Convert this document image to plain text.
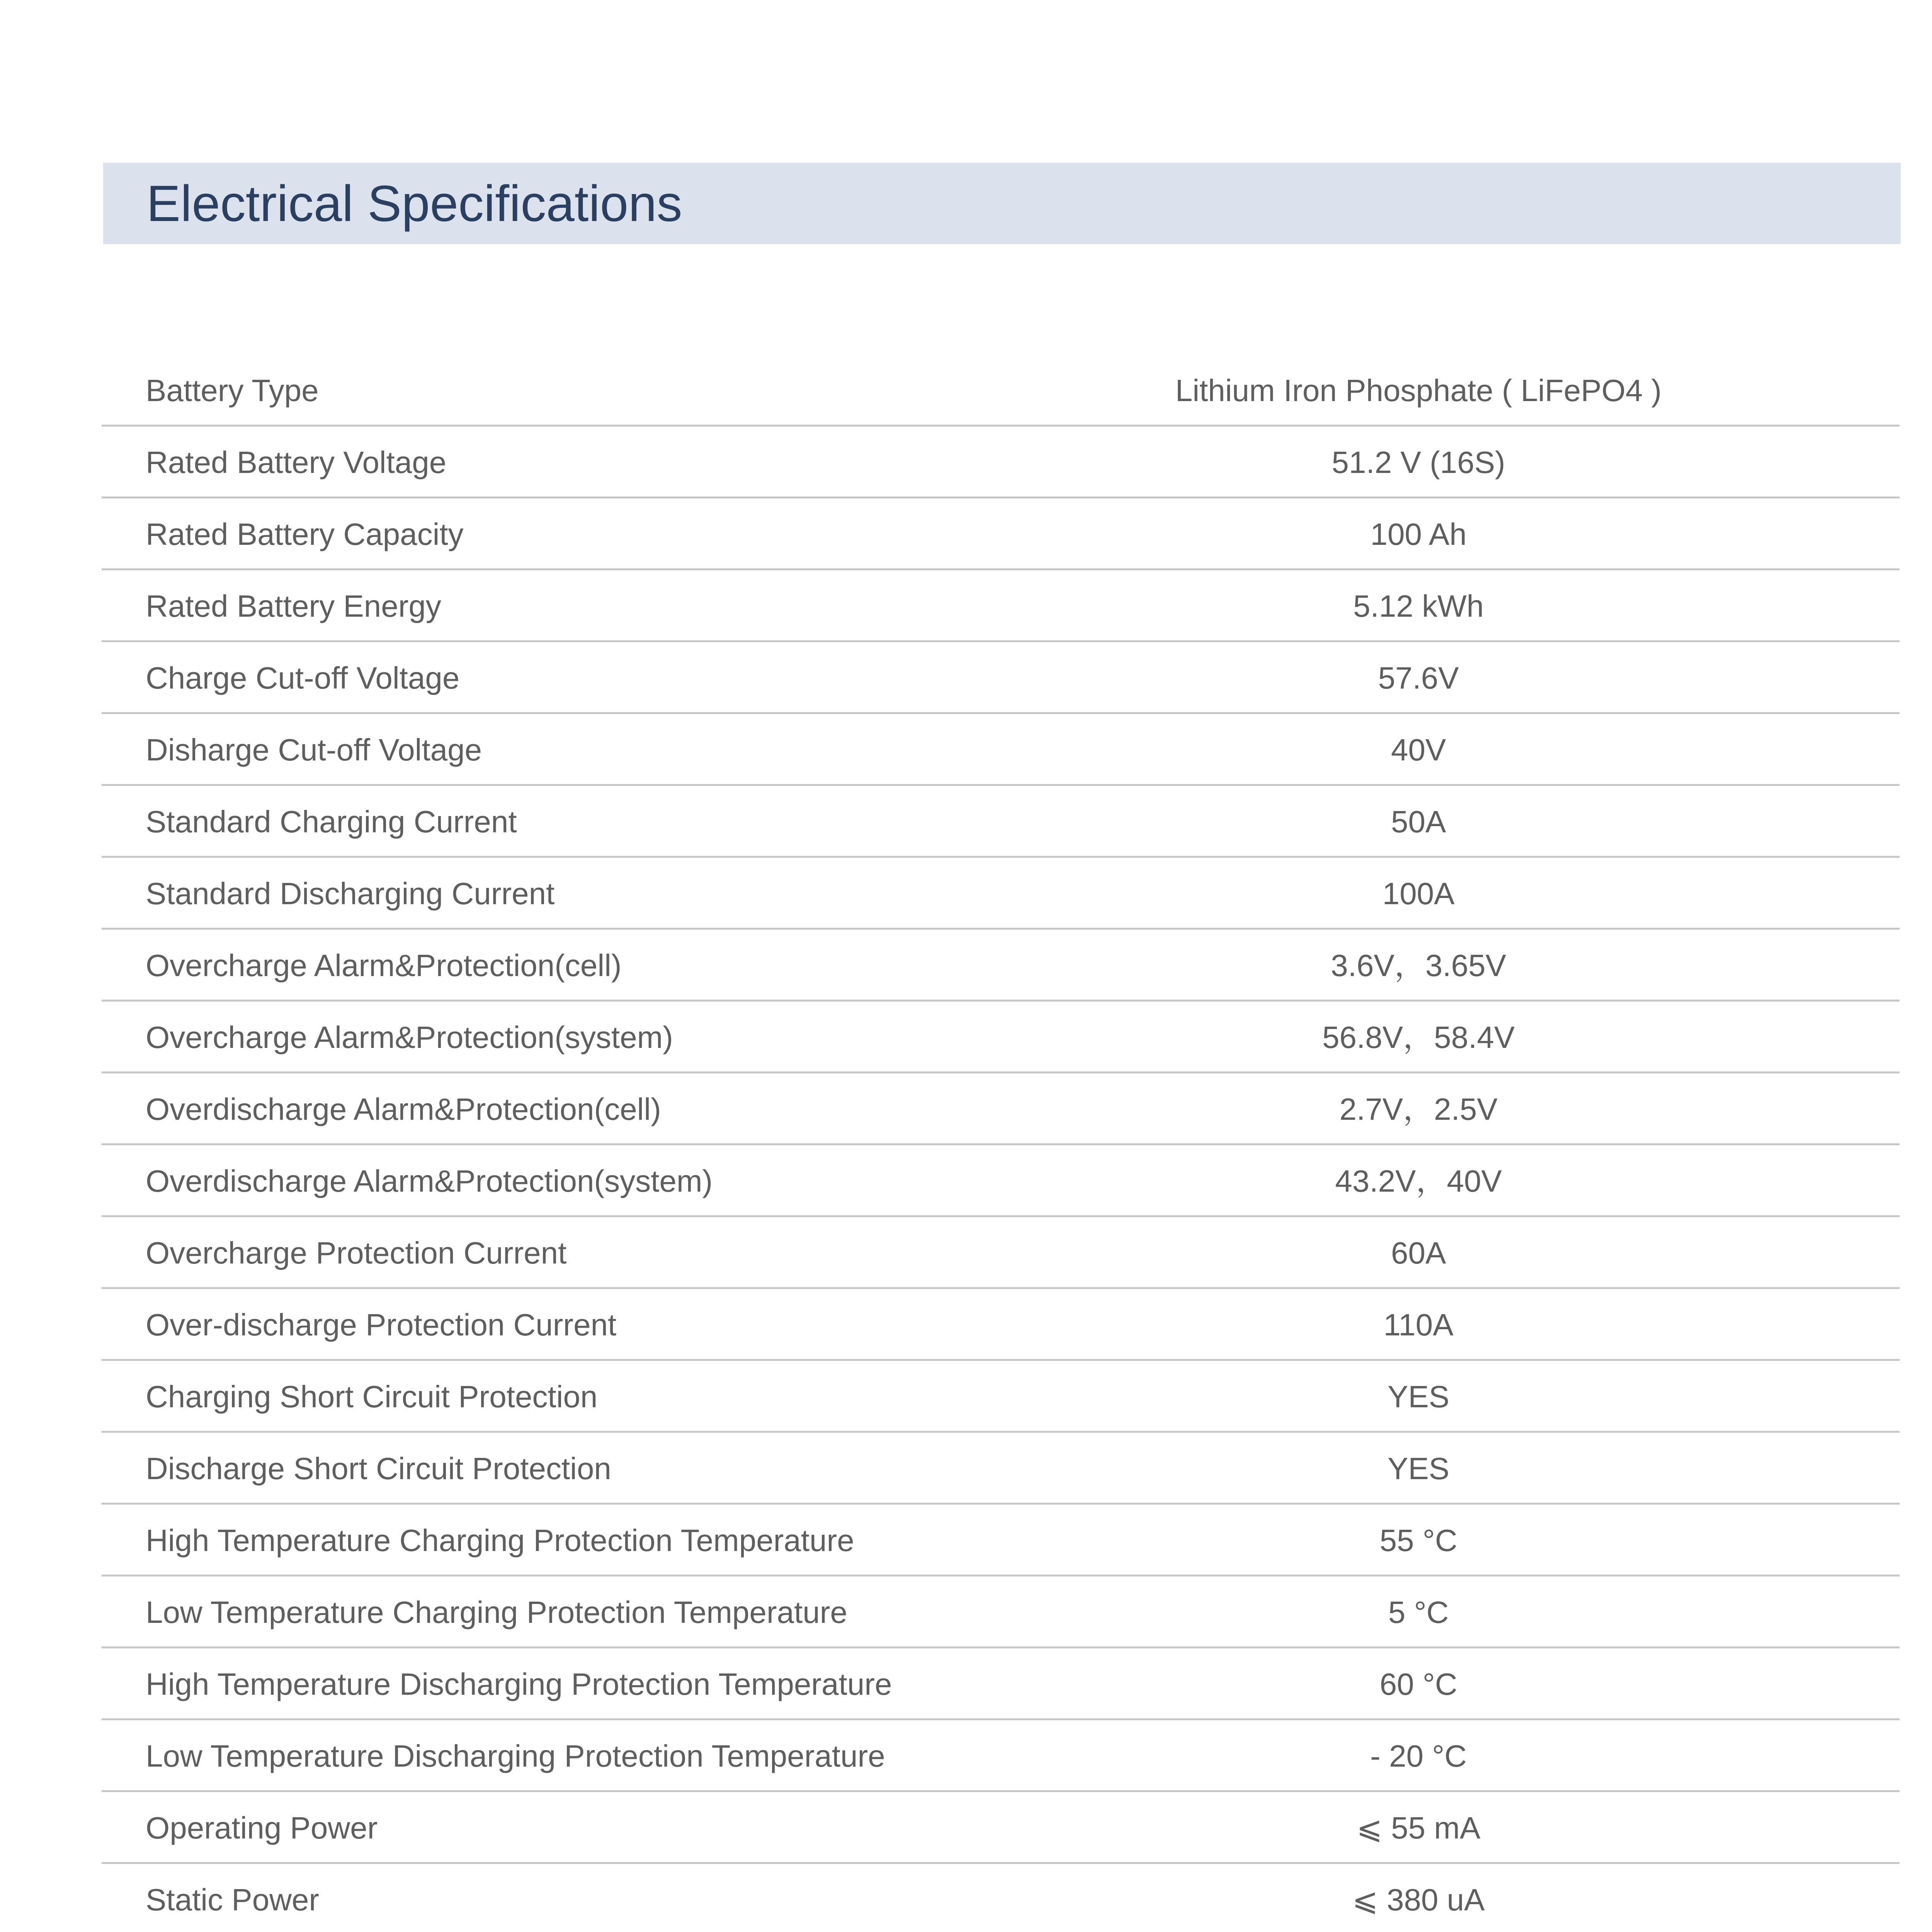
Electrical Specifications
Battery Type	Lithium Iron Phosphate ( LiFePO4 )
Rated Battery Voltage	51.2 V (16S)
Rated Battery Capacity	100 Ah
Rated Battery Energy	5.12 kWh
Charge Cut-off Voltage	57.6V
Disharge Cut-off Voltage	40V
Standard Charging Current	50A
Standard Discharging Current	100A
Overcharge Alarm&Protection(cell)	3.6V，3.65V
Overcharge Alarm&Protection(system)	56.8V，58.4V
Overdischarge Alarm&Protection(cell)	2.7V，2.5V
Overdischarge Alarm&Protection(system)	43.2V，40V
Overcharge Protection Current	60A
Over-discharge Protection Current	110A
Charging Short Circuit Protection	YES
Discharge Short Circuit Protection	YES
High Temperature Charging Protection Temperature	55 °C
Low Temperature Charging Protection Temperature	5 °C
High Temperature Discharging Protection Temperature	60 °C
Low Temperature Discharging Protection Temperature	- 20 °C
Operating Power	⩽ 55 mA
Static Power	⩽ 380 uA
